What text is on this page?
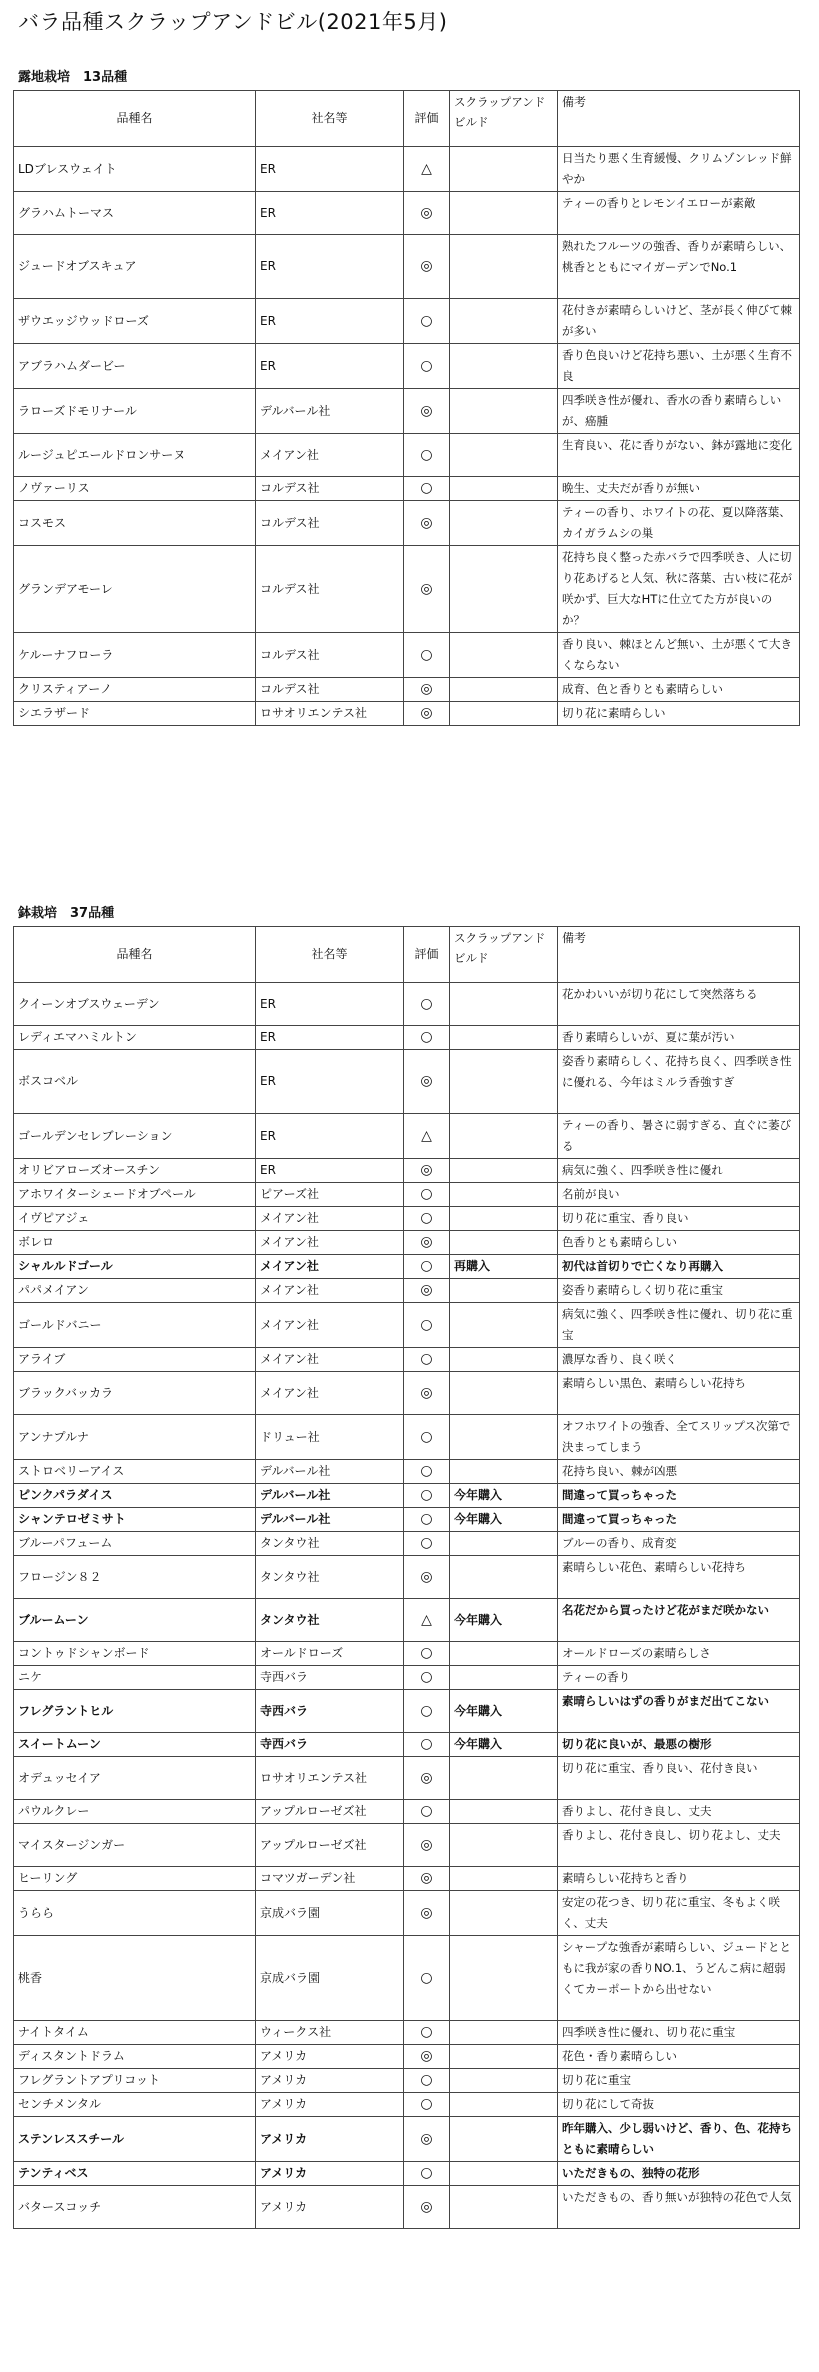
バラ品種スクラップアンドビル(2021年5月)
露地栽培　13品種
品種名	社名等	評価	スクラップアンドビルド	備考
LDブレスウェイト	ER	△		日当たり悪く生育緩慢、クリムゾンレッド鮮やか
グラハムトーマス	ER	◎		ティーの香りとレモンイエローが素敵
ジュードオブスキュア	ER	◎		熟れたフルーツの強香、香りが素晴らしい、桃香とともにマイガーデンでNo.1
ザウエッジウッドローズ	ER	○		花付きが素晴らしいけど、茎が長く伸びて棘が多い
アブラハムダービー	ER	○		香り色良いけど花持ち悪い、土が悪く生育不良
ラローズドモリナール	デルバール社	◎		四季咲き性が優れ、香水の香り素晴らしいが、癌腫
ルージュピエールドロンサーヌ	メイアン社	○		生育良い、花に香りがない、鉢が露地に変化
ノヴァーリス	コルデス社	○		晩生、丈夫だが香りが無い
コスモス	コルデス社	◎		ティーの香り、ホワイトの花、夏以降落葉、カイガラムシの巣
グランデアモーレ	コルデス社	◎		花持ち良く整った赤バラで四季咲き、人に切り花あげると人気、秋に落葉、古い枝に花が咲かず、巨大なHTに仕立てた方が良いのか？
ケルーナフローラ	コルデス社	○		香り良い、棘ほとんど無い、土が悪くて大きくならない
クリスティアーノ	コルデス社	◎		成育、色と香りとも素晴らしい
シエラザード	ロサオリエンテス社	◎		切り花に素晴らしい
鉢栽培　37品種
品種名	社名等	評価	スクラップアンドビルド	備考
クイーンオブスウェーデン	ER	○		花かわいいが切り花にして突然落ちる
レディエマハミルトン	ER	○		香り素晴らしいが、夏に葉が汚い
ボスコベル	ER	◎		姿香り素晴らしく、花持ち良く、四季咲き性に優れる、今年はミルラ香強すぎ
ゴールデンセレブレーション	ER	△		ティーの香り、暑さに弱すぎる、直ぐに萎びる
オリビアローズオースチン	ER	◎		病気に強く、四季咲き性に優れ
アホワイターシェードオブペール	ピアーズ社	○		名前が良い
イヴピアジェ	メイアン社	○		切り花に重宝、香り良い
ボレロ	メイアン社	◎		色香りとも素晴らしい
シャルルドゴール	メイアン社	○	再購入	初代は首切りで亡くなり再購入
パパメイアン	メイアン社	◎		姿香り素晴らしく切り花に重宝
ゴールドバニー	メイアン社	○		病気に強く、四季咲き性に優れ、切り花に重宝
アライブ	メイアン社	○		濃厚な香り、良く咲く
ブラックバッカラ	メイアン社	◎		素晴らしい黒色、素晴らしい花持ち
アンナプルナ	ドリュー社	○		オフホワイトの強香、全てスリップス次第で決まってしまう
ストロベリーアイス	デルバール社	○		花持ち良い、棘が凶悪
ピンクパラダイス	デルバール社	○	今年購入	間違って買っちゃった
シャンテロゼミサト	デルバール社	○	今年購入	間違って買っちゃった
ブルーパフューム	タンタウ社	○		ブルーの香り、成育変
フロージン８２	タンタウ社	◎		素晴らしい花色、素晴らしい花持ち
ブルームーン	タンタウ社	△	今年購入	名花だから買ったけど花がまだ咲かない
コントゥドシャンボード	オールドローズ	○		オールドローズの素晴らしさ
ニケ	寺西バラ	○		ティーの香り
フレグラントヒル	寺西バラ	○	今年購入	素晴らしいはずの香りがまだ出てこない
スイートムーン	寺西バラ	○	今年購入	切り花に良いが、最悪の樹形
オデュッセイア	ロサオリエンテス社	◎		切り花に重宝、香り良い、花付き良い
パウルクレー	アップルローゼズ社	○		香りよし、花付き良し、丈夫
マイスタージンガー	アップルローゼズ社	◎		香りよし、花付き良し、切り花よし、丈夫
ヒーリング	コマツガーデン社	◎		素晴らしい花持ちと香り
うらら	京成バラ園	◎		安定の花つき、切り花に重宝、冬もよく咲く、丈夫
桃香	京成バラ園	○		シャープな強香が素晴らしい、ジュードとともに我が家の香りNO.1、うどんこ病に超弱くてカーポートから出せない
ナイトタイム	ウィークス社	○		四季咲き性に優れ、切り花に重宝
ディスタントドラム	アメリカ	◎		花色・香り素晴らしい
フレグラントアプリコット	アメリカ	○		切り花に重宝
センチメンタル	アメリカ	○		切り花にして奇抜
ステンレススチール	アメリカ	◎		昨年購入、少し弱いけど、香り、色、花持ちともに素晴らしい
テンティベス	アメリカ	○		いただきもの、独特の花形
バタースコッチ	アメリカ	◎		いただきもの、香り無いが独特の花色で人気
